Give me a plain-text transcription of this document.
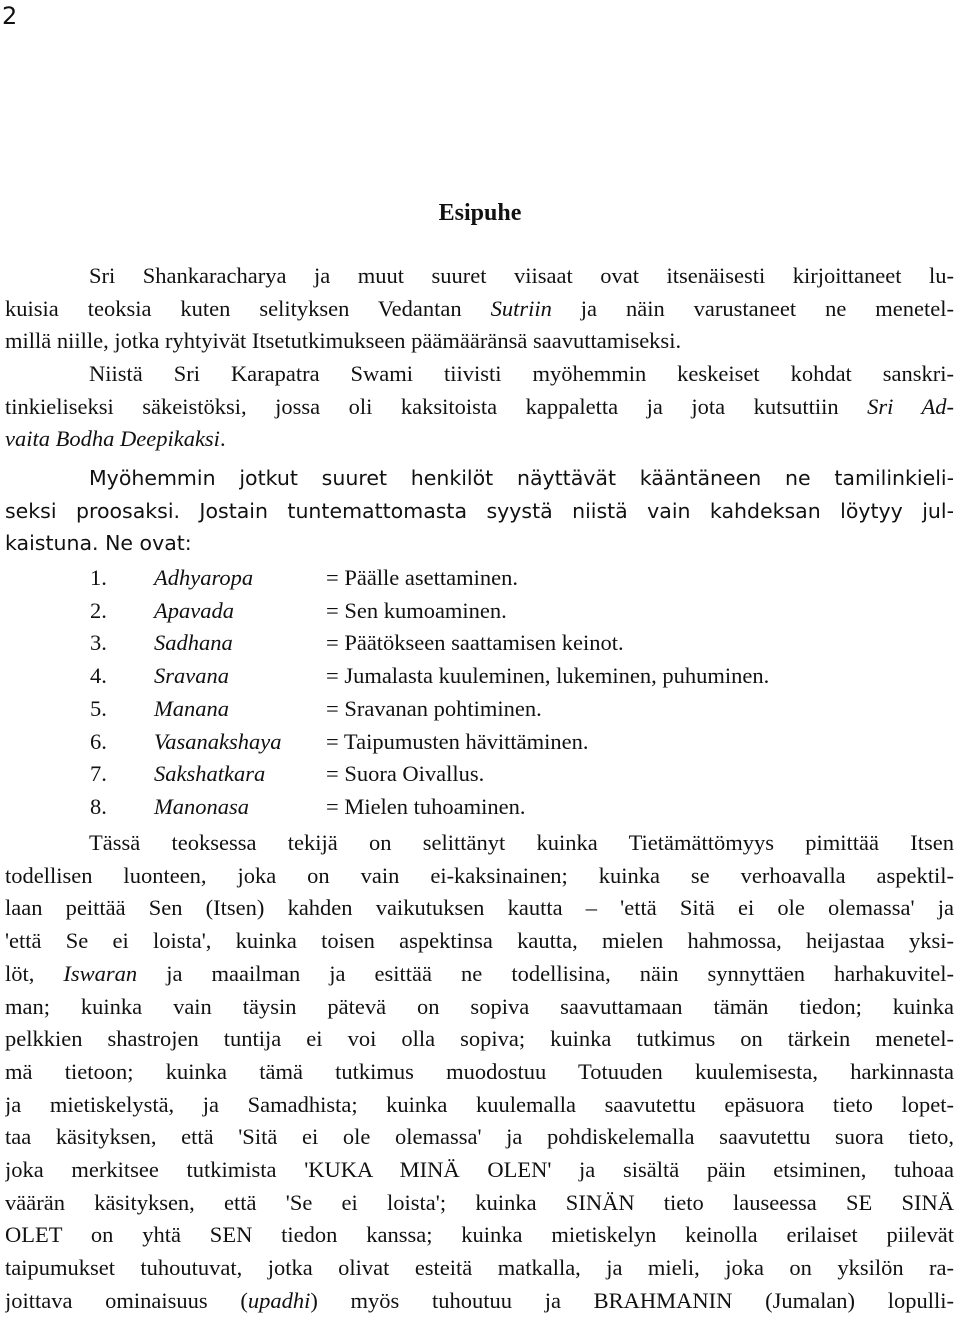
2
Esipuhe
Sri Shankaracharya ja muut suuret viisaat ovat itsenäisesti kirjoittaneet lu-
kuisia teoksia kuten selityksen Vedantan Sutriin ja näin varustaneet ne menetel-
millä niille, jotka ryhtyivät Itsetutkimukseen päämääränsä saavuttamiseksi.
Niistä Sri Karapatra Swami tiivisti myöhemmin keskeiset kohdat sanskri-
tinkieliseksi säkeistöksi, jossa oli kaksitoista kappaletta ja jota kutsuttiin Sri Ad-
vaita Bodha Deepikaksi.
Myöhemmin jotkut suuret henkilöt näyttävät kääntäneen ne tamilinkieli-
seksi proosaksi. Jostain tuntemattomasta syystä niistä vain kahdeksan löytyy jul-
kaistuna. Ne ovat:
1.	Adhyaropa	= Päälle asettaminen.
2.	Apavada	= Sen kumoaminen.
3.	Sadhana	= Päätökseen saattamisen keinot.
4.	Sravana	= Jumalasta kuuleminen, lukeminen, puhuminen.
5.	Manana	= Sravanan pohtiminen.
6.	Vasanakshaya	= Taipumusten hävittäminen.
7.	Sakshatkara	= Suora Oivallus.
8.	Manonasa	= Mielen tuhoaminen.
Tässä teoksessa tekijä on selittänyt kuinka Tietämättömyys pimittää Itsen
todellisen luonteen, joka on vain ei-kaksinainen; kuinka se verhoavalla aspektil-
laan peittää Sen (Itsen) kahden vaikutuksen kautta – 'että Sitä ei ole olemassa' ja
'että Se ei loista', kuinka toisen aspektinsa kautta, mielen hahmossa, heijastaa yksi-
löt, Iswaran ja maailman ja esittää ne todellisina, näin synnyttäen harhakuvitel-
man; kuinka vain täysin pätevä on sopiva saavuttamaan tämän tiedon; kuinka
pelkkien shastrojen tuntija ei voi olla sopiva; kuinka tutkimus on tärkein menetel-
mä tietoon; kuinka tämä tutkimus muodostuu Totuuden kuulemisesta, harkinnasta
ja mietiskelystä, ja Samadhista; kuinka kuulemalla saavutettu epäsuora tieto lopet-
taa käsityksen, että 'Sitä ei ole olemassa' ja pohdiskelemalla saavutettu suora tieto,
joka merkitsee tutkimista 'KUKA MINÄ OLEN' ja sisältä päin etsiminen, tuhoaa
väärän käsityksen, että 'Se ei loista'; kuinka SINÄN tieto lauseessa SE SINÄ
OLET on yhtä SEN tiedon kanssa; kuinka mietiskelyn keinolla erilaiset piilevät
taipumukset tuhoutuvat, jotka olivat esteitä matkalla, ja mieli, joka on yksilön ra-
joittava ominaisuus (upadhi) myös tuhoutuu ja BRAHMANIN (Jumalan) lopulli-
